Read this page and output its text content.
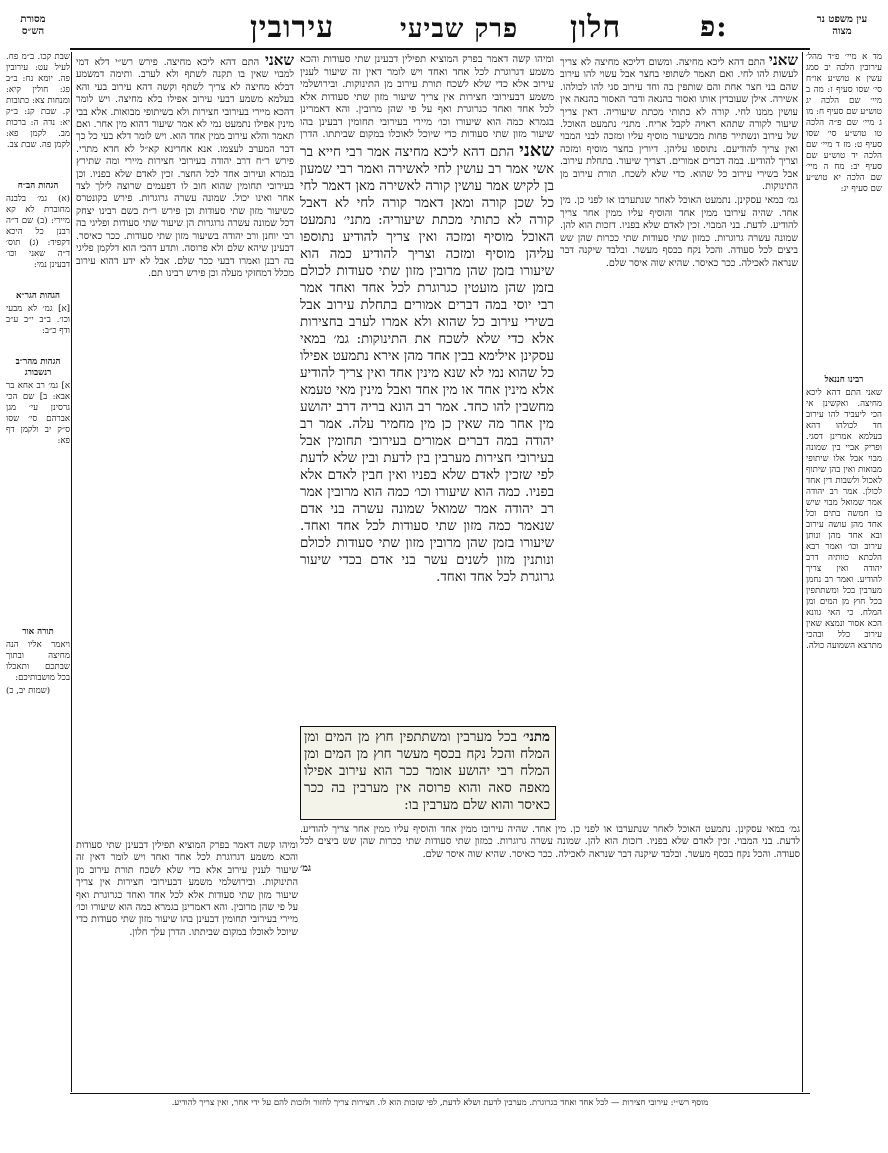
מסורת הש״ס	עירובין	פרק שביעי חלון	פ:	עין משפט נר מצוה

שבת קכו. ב״מ פח. לעיל עט: עירובין פה. יומא נח: ב״ב פג: חולין קיא: ומנחות צא: כתובות ק. שבת קנ: ב״ק יא: נדה ה: ברכות מב. לקמן פא: לקמן פה. שבת צב.

הגהות הב״ח

(א) גמ׳ בלבנה מחוברת לא קא מיירי: (ב) שם ד״ה רבנן כל היכא דקפיד: (ג) תוס׳ ד״ה שאני וכו׳ דבעינן נמי:

הגהות הגר״א

[א] גמ׳ לא מבעי וכו׳. ב״ב י״ב ע״ב ודף כ״ב:

הגהות מהר״ב רנשבורג

א] גמ׳ רב אחא בר אבא: ב] שם הכי גרסינן עי׳ מגן אברהם סי׳ שסו ס״ק יב ולקמן דף פא:

תורה אור

ויאמר אליו הנה מחיצה ובתוך שבתכם ותאכלו בכל מושבותיכם:

(שמות יב, כ)

שאני התם דהא ליכא מחיצה. פירש רש״י דלא דמי למבוי שאין בו תקנה לשתף ולא לערב. ותימה דמשמע דבלא מחיצה לא צריך לשתף וקשה דהא עירוב בעי והא בעלמא משמע דבעי עירוב אפילו בלא מחיצה. ויש לומר דהכא מיירי בעירובי חצירות ולא בשיתופי מבואות. אלא בבי מינין אפילו נתמעט נמי לא אמר שיעור דהוא מין אחר. ואם תאמר והלא עירוב ממין אחד הוא. ויש לומר דלא בעי כל כך דבר המערב לעצמו. אנא אחרינא קא״ל לא חדא מתרי. פירש ר״ח דרב יהודה בעירובי חצירות מיירי ומה שתירץ בגמרא ועירוב אחד לכל החצר. זכין לאדם שלא בפניו. וכן בעירובי תחומין שהוא חוב לו דפעמים שרוצה לילך לצד אחר ואינו יכול. שמונה עשרה גרוגרות. פירש בקונטרס כשיעור מזון שתי סעודות וכן פירש ר״ת בשם רבינו יצחק דכל שמונה עשרה גרוגרות הן שיעור שתי סעודות ופליגי בה רבי יוחנן ורב יהודה בשיעור מזון שתי סעודות. ככר כאיסר. דבעינן שיהא שלם ולא פרוסה. ותדע דהכי הוא דלקמן פליגי בה רבנן ואמרו דבעי ככר שלם. אבל לא ידע דהוא עירוב מכלל דמחזקי מעלה וכן פירש רבינו תם.

שאני התם דהא ליכא מחיצה אמר רבי חייא בר אשי אמר רב עושין לחי לאשירה ואמר רבי שמעון בן לקיש אמר עושין קורה לאשירה מאן דאמר לחי כל שכן קורה ומאן דאמר קורה לחי לא דאבל קורה לא כתותי מכתת שיעוריה: מתני׳ נתמעט האוכל מוסיף ומזכה ואין צריך להודיע נתוספו עליהן מוסיף ומזכה וצריך להודיע כמה הוא שיעורו בזמן שהן מרובין מזון שתי סעודות לכולם בזמן שהן מועטין כגרוגרת לכל אחד ואחד אמר רבי יוסי במה דברים אמורים בתחלת עירוב אבל בשירי עירוב כל שהוא ולא אמרו לערב בחצירות אלא כדי שלא לשכח את התינוקות: גמ׳ במאי עסקינן אילימא בבין אחד מהן אירא נתמעט אפילו כל שהוא נמי לא שנא מינין אחד ואין צריך להודיע אלא מינין אחד או מין אחד ואבל מינין מאי טעמא מחשבין להו כחד. אמר רב הונא בריה דרב יהושע מין אחר מה שאין כן מין מחמיר עלה. אמר רב יהודה במה דברים אמורים בעירובי תחומין אבל בעירובי חצירות מערבין בין לדעת ובין שלא לדעת לפי שזכין לאדם שלא בפניו ואין חבין לאדם אלא בפניו. כמה הוא שיעורו וכו׳ כמה הוא מרובין אמר רב יהודה אמר שמואל שמונה עשרה בני אדם שנאמר כמה מזון שתי סעודות לכל אחד ואחד. שיעורו בזמן שהן מרובין מזון שתי סעודות לכולם ונותנין מזון לשנים עשר בני אדם בכדי שיעור גרוגרת לכל אחד ואחד.

ומיהו קשה דאמר בפרק המוציא תפילין דבעינן שתי סעודות והכא משמע דגרוגרת לכל אחד ואחד ויש לומר דאין זה שיעור לענין עירוב אלא כדי שלא לשכח תורת עירוב מן התינוקות. ובירושלמי משמע דבעירובי חצירות אין צריך שיעור מזון שתי סעודות אלא לכל אחד ואחד כגרוגרת ואף על פי שהן מרובין. והא דאמרינן בגמרא כמה הוא שיעורו וכו׳ מיירי בעירובי תחומין דבעינן בהו שיעור מזון שתי סעודות כדי שיוכל לאוכלו במקום שביתתו. הדרן

מתני׳ בכל מערבין ומשתתפין חוץ מן המים ומן המלח והכל נקח בכסף מעשר חוץ מן המים ומן המלח רבי יהושע אומר ככר הוא עירוב אפילו מאפה סאה והוא פרוסה אין מערבין בה ככר כאיסר והוא שלם מערבין בו:

שאני התם דהא ליכא מחיצה. ומשום דליכא מחיצה לא צריך לעשות להו לחי. ואם תאמר לשתופי בחצר אבל עשוי להו עירוב שהם בני חצר אחת והם שותפין בה וחד עירוב סגי להו לכולהו. אשירה. אילן שעובדין אותו ואסור בהנאה ודבר האסור בהנאה אין עושין ממנו לחי. קורה לא כתותי מכתת שיעוריה. דאין צריך שיעור לקורה שתהא ראויה לקבל אריח. מתני׳ נתמעט האוכל. של עירוב ונשתייר פחות מכשיעור מוסיף עליו ומזכה לבני המבוי ואין צריך להודיעם. נתוספו עליהן. דיורין בחצר מוסיף ומזכה וצריך להודיע. במה דברים אמורים. דצריך שיעור. בתחלת עירוב. אבל בשירי עירוב כל שהוא. כדי שלא לשכח. תורת עירוב מן התינוקות.

גמ׳ במאי עסקינן. נתמעט האוכל לאחר שנתערבו או לפני כן. מין אחד. שהיה עירובו ממין אחד והוסיף עליו ממין אחר צריך להודיע. לדעת. בני המבוי. זכין לאדם שלא בפניו. דזכות הוא להן. שמונה עשרה גרוגרות. כמזון שתי סעודות שתי ככרות שהן שש ביצים לכל סעודה. והכל נקח בכסף מעשר. ובלבד שיקנה דבר שנראה לאכילה. ככר כאיסר. שהיא שוה איסר שלם.

ומיהו קשה דאמר בפרק המוציא תפילין דבעינן שתי סעודות והכא משמע דגרוגרת לכל אחד ואחד ויש לומר דאין זה שיעור לענין עירוב אלא כדי שלא לשכח תורת עירוב מן התינוקות. ובירושלמי משמע דבעירובי חצירות אין צריך שיעור מזון שתי סעודות אלא לכל אחד ואחד כגרוגרת ואף על פי שהן מרובין. והא דאמרינן בגמרא כמה הוא שיעורו וכו׳ מיירי בעירובי תחומין דבעינן בהו שיעור מזון שתי סעודות כדי שיוכל לאוכלו במקום שביתתו. הדרן עלך חלון.

גמ׳ במאי עסקינן. נתמעט האוכל לאחר שנתערבו או לפני כן. מין אחד. שהיה עירובו ממין אחד והוסיף עליו ממין אחר צריך להודיע. לדעת. בני המבוי. זכין לאדם שלא בפניו. דזכות הוא להן. שמונה עשרה גרוגרות. כמזון שתי סעודות שתי ככרות שהן שש ביצים לכל סעודה. והכל נקח בכסף מעשר. ובלבד שיקנה דבר שנראה לאכילה. ככר כאיסר. שהיא שוה איסר שלם.

גמ׳

מד א מיי׳ פ״ד מהל׳ עירובין הלכה יב סמג עשין א טוש״ע או״ח סי׳ שסו סעיף ז: מה ב מיי׳ שם הלכה יג טוש״ע שם סעיף ח: מו ג מיי׳ שם פ״ה הלכה טו טוש״ע סי׳ שסו סעיף ט: מז ד מיי׳ שם הלכה יד טוש״ע שם סעיף יב: מח ה מיי׳ שם הלכה יא טוש״ע שם סעיף יג:

רבינו חננאל

שאני התם דהא ליכא מחיצה. ואקשינן אי הכי ליעביד להו עירוב חד לכולהו דהא בעלמא אמרינן דסגי. ופריק אביי בין שמונה מבוי אבל אלו שיתופי מבואות ואין בהן שיתוף לאכול ולשבות דין אחד לכולן. אמר רב יהודה אמר שמואל מבוי שיש בו חמשה בתים וכל אחד מהן עושה עירוב ובא אחד מהן ונותן עירוב וכו׳ ואמר רבא הלכתא כוותיה דרב יהודה ואין צריך להודיע. ואמר רב נחמן מערבין בכל ומשתתפין בכל חוץ מן המים ומן המלח. כי האי גוונא הכא אסור ונמצא שאין עירוב כלל ובהכי מתרצא השמועה כולה.

מוסף רש״י: עירובי חצירות — לכל אחד ואחד כגרוגרת. מערבין לדעת ושלא לדעת, לפי שזכות הוא לו. חצירות צריך לחזור ולזכות להם על ידי אחר, ואין צריך להודיע.
